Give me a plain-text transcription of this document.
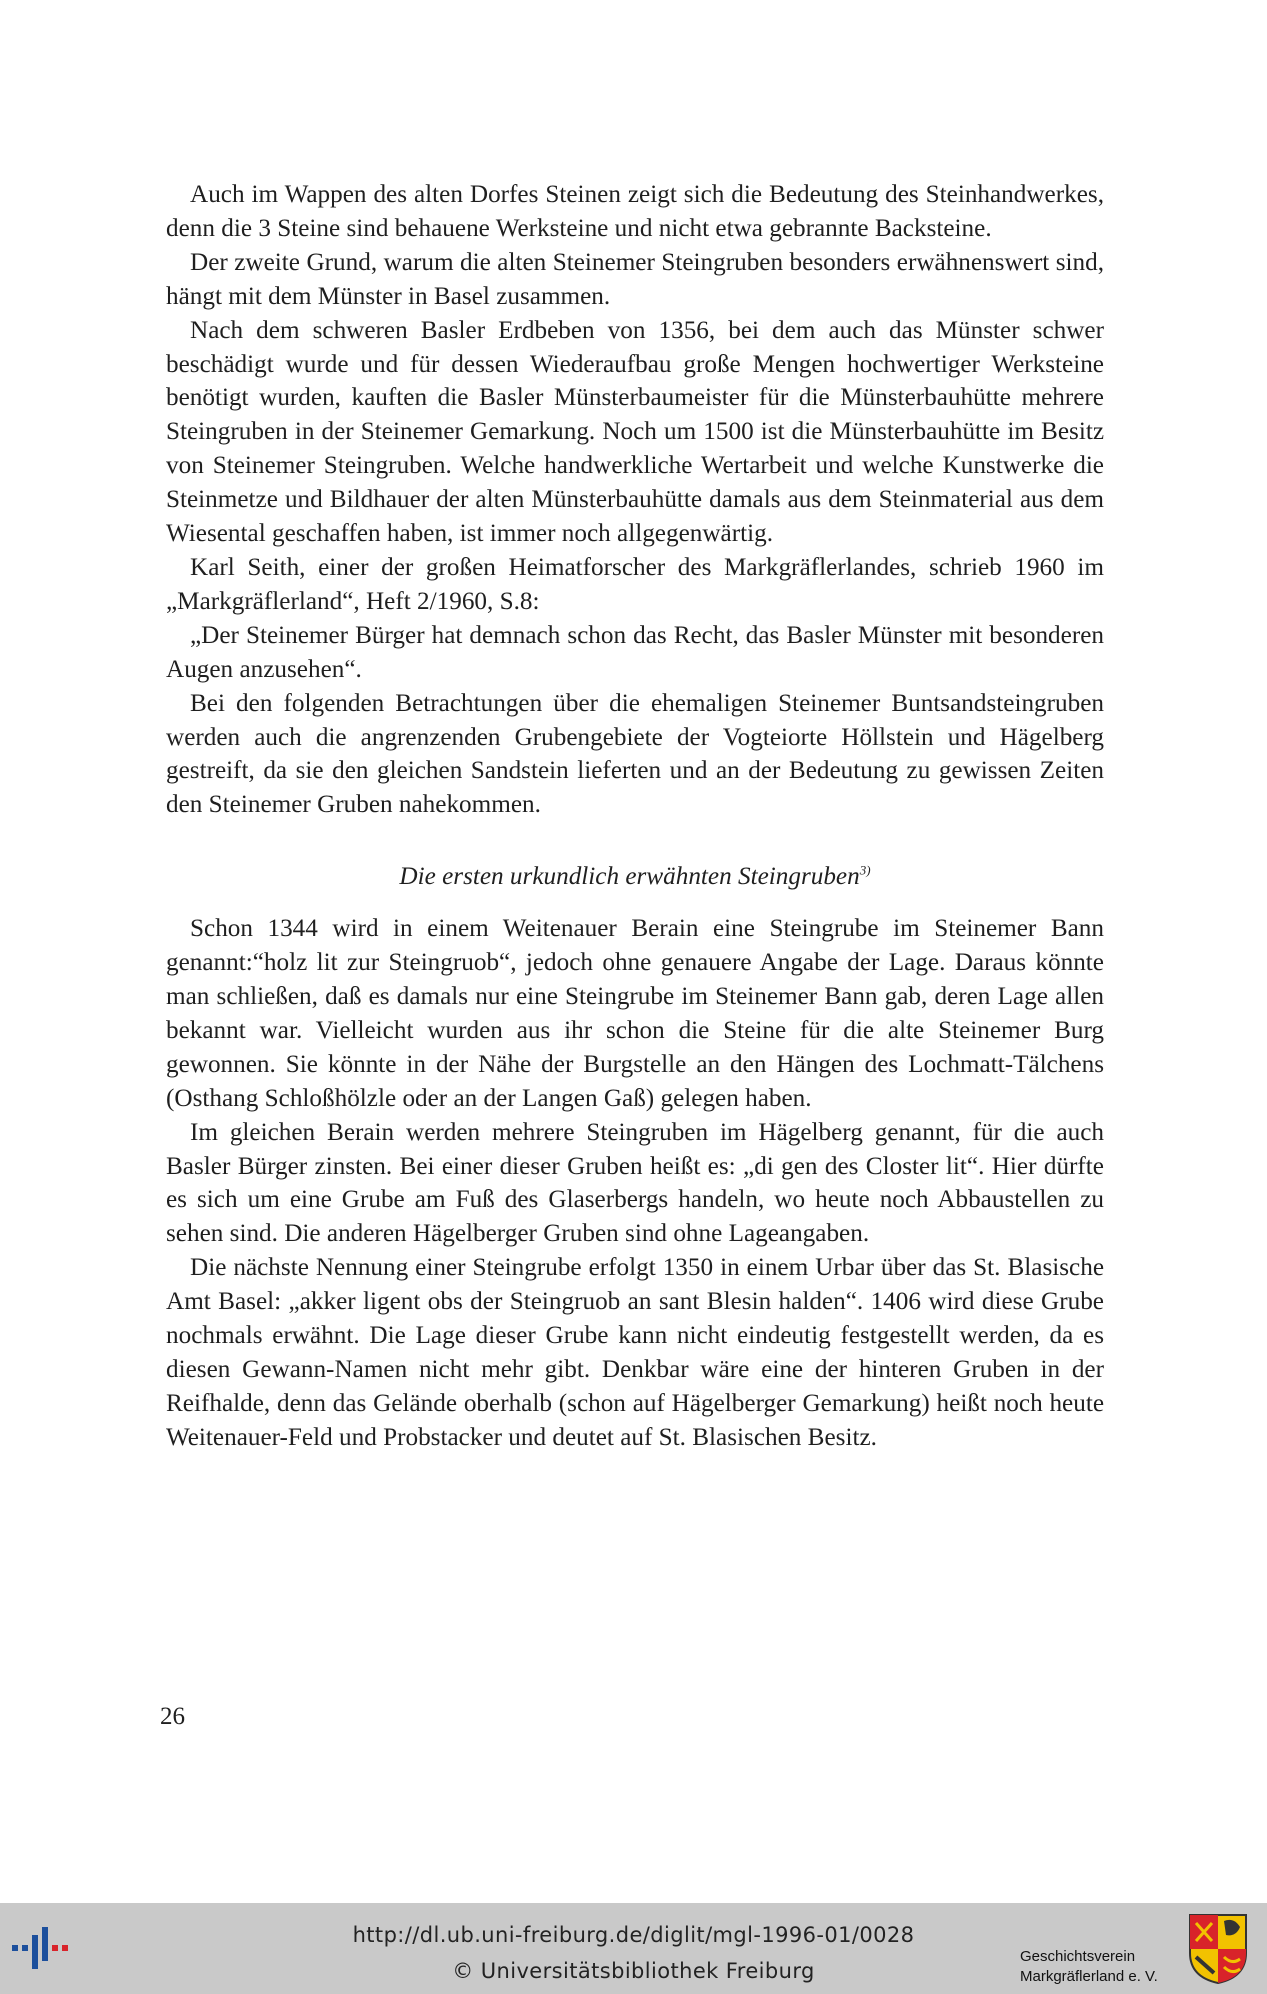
Auch im Wappen des alten Dorfes Steinen zeigt sich die Bedeutung des Steinhandwerkes, denn die 3 Steine sind behauene Werksteine und nicht etwa gebrannte Backsteine.

Der zweite Grund, warum die alten Steinemer Steingruben besonders erwähnenswert sind, hängt mit dem Münster in Basel zusammen.

Nach dem schweren Basler Erdbeben von 1356, bei dem auch das Münster schwer beschädigt wurde und für dessen Wiederaufbau große Mengen hochwertiger Werksteine benötigt wurden, kauften die Basler Münsterbaumeister für die Münsterbauhütte mehrere Steingruben in der Steinemer Gemarkung. Noch um 1500 ist die Münsterbauhütte im Besitz von Steinemer Steingruben. Welche handwerkliche Wertarbeit und welche Kunstwerke die Steinmetze und Bildhauer der alten Münsterbauhütte damals aus dem Steinmaterial aus dem Wiesental geschaffen haben, ist immer noch allgegenwärtig.

Karl Seith, einer der großen Heimatforscher des Markgräflerlandes, schrieb 1960 im „Markgräflerland“, Heft 2/1960, S.8:

„Der Steinemer Bürger hat demnach schon das Recht, das Basler Münster mit besonderen Augen anzusehen“.

Bei den folgenden Betrachtungen über die ehemaligen Steinemer Buntsandsteingruben werden auch die angrenzenden Grubengebiete der Vogteiorte Höllstein und Hägelberg gestreift, da sie den gleichen Sandstein lieferten und an der Bedeutung zu gewissen Zeiten den Steinemer Gruben nahekommen.

Die ersten urkundlich erwähnten Steingruben$^{3)}$

Schon 1344 wird in einem Weitenauer Berain eine Steingrube im Steinemer Bann genannt:“holz lit zur Steingruob“, jedoch ohne genauere Angabe der Lage. Daraus könnte man schließen, daß es damals nur eine Steingrube im Steinemer Bann gab, deren Lage allen bekannt war. Vielleicht wurden aus ihr schon die Steine für die alte Steinemer Burg gewonnen. Sie könnte in der Nähe der Burgstelle an den Hängen des Lochmatt-Tälchens (Osthang Schloßhölzle oder an der Langen Gaß) gelegen haben.

Im gleichen Berain werden mehrere Steingruben im Hägelberg genannt, für die auch Basler Bürger zinsten. Bei einer dieser Gruben heißt es: „di gen des Closter lit“. Hier dürfte es sich um eine Grube am Fuß des Glaserbergs handeln, wo heute noch Abbaustellen zu sehen sind. Die anderen Hägelberger Gruben sind ohne Lageangaben.

Die nächste Nennung einer Steingrube erfolgt 1350 in einem Urbar über das St. Blasische Amt Basel: „akker ligent obs der Steingruob an sant Blesin halden“. 1406 wird diese Grube nochmals erwähnt. Die Lage dieser Grube kann nicht eindeutig festgestellt werden, da es diesen Gewann-Namen nicht mehr gibt. Denkbar wäre eine der hinteren Gruben in der Reifhalde, denn das Gelände oberhalb (schon auf Hägelberger Gemarkung) heißt noch heute Weitenauer-Feld und Probstacker und deutet auf St. Blasischen Besitz.

26
http://dl.ub.uni-freiburg.de/diglit/mgl-1996-01/0028
© Universitätsbibliothek Freiburg
Geschichtsverein
Markgräflerland e. V.
